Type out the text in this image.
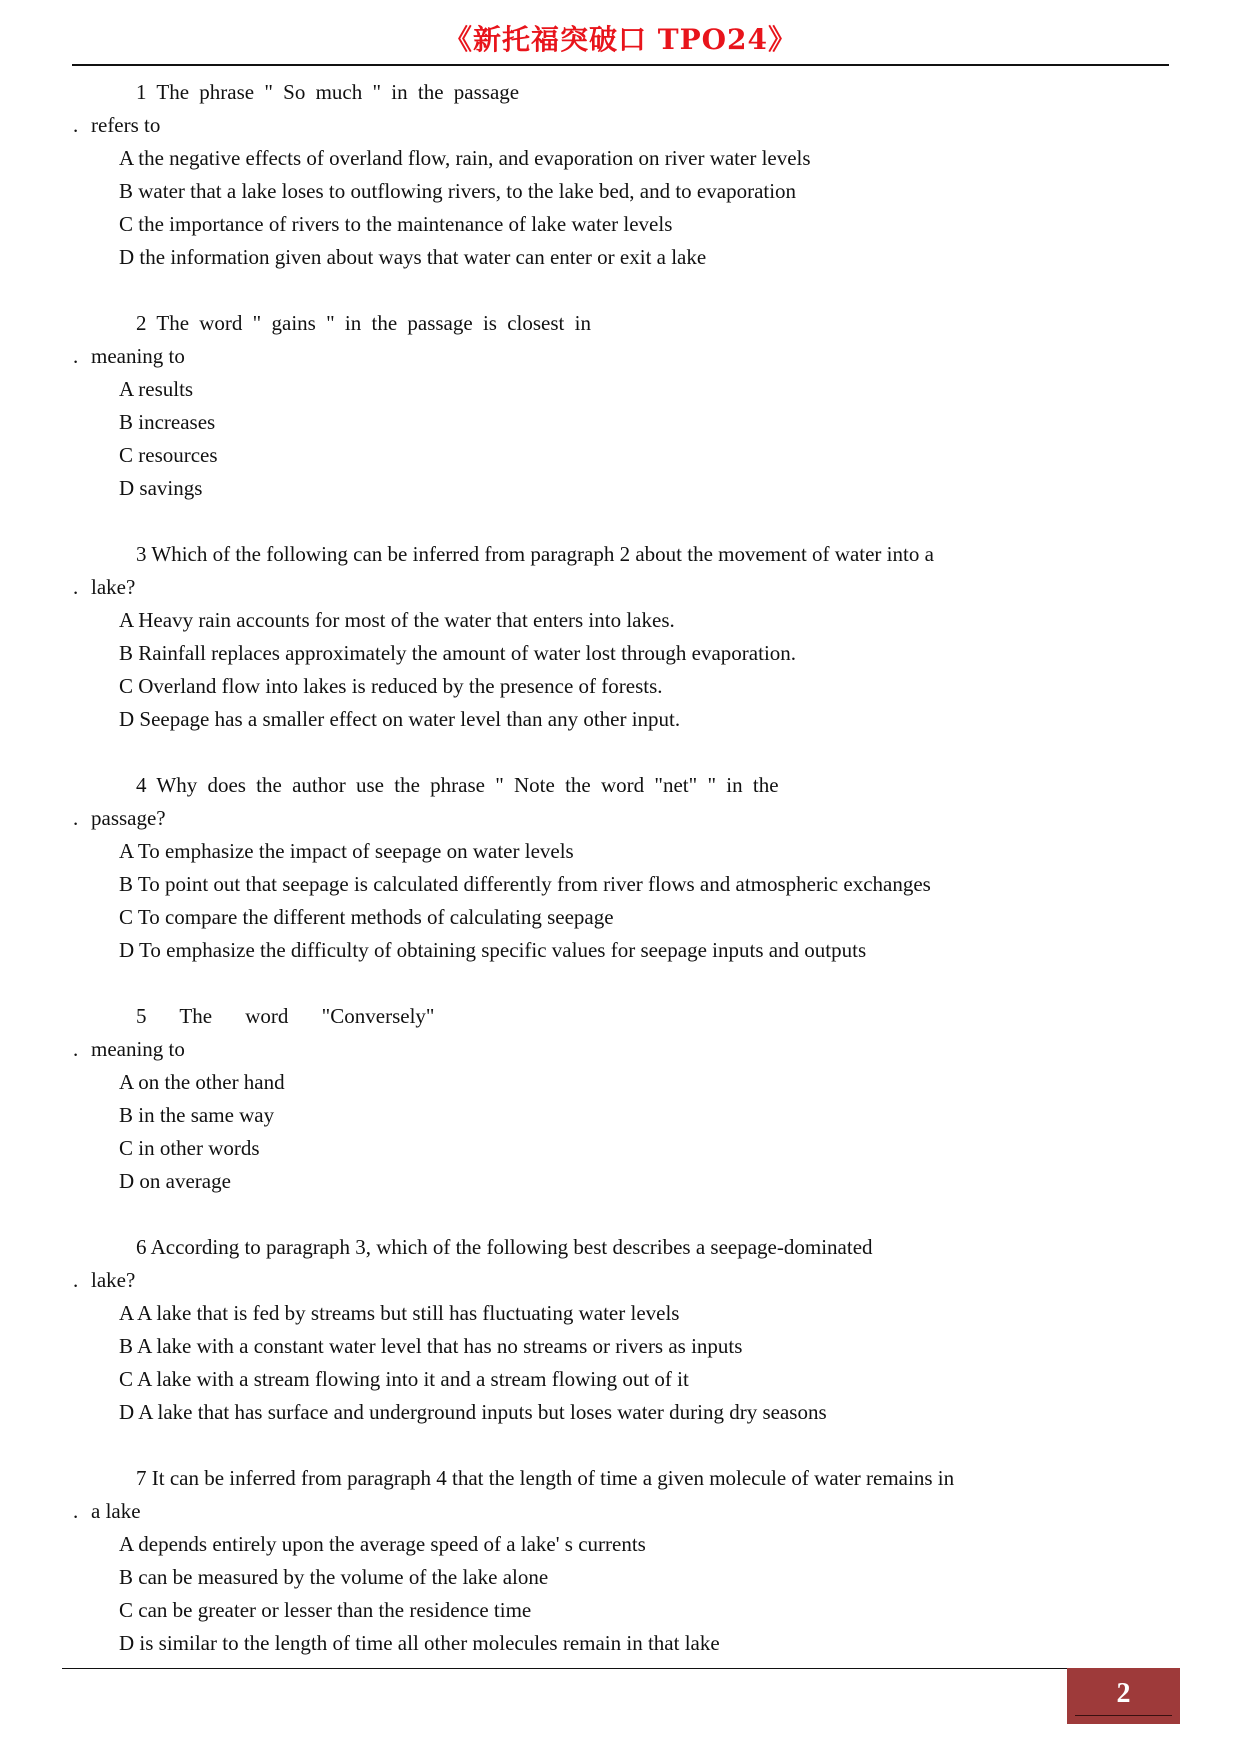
《新托福突破口 TPO24》
1 The phrase " So much " in the passage
. refers to
A the negative effects of overland flow, rain, and evaporation on river water levels
B water that a lake loses to outflowing rivers, to the lake bed, and to evaporation
C the importance of rivers to the maintenance of lake water levels
D the information given about ways that water can enter or exit a lake
2 The word " gains " in the passage is closest in
. meaning to
A results
B increases
C resources
D savings
3 Which of the following can be inferred from paragraph 2 about the movement of water into a
. lake?
A Heavy rain accounts for most of the water that enters into lakes.
B Rainfall replaces approximately the amount of water lost through evaporation.
C Overland flow into lakes is reduced by the presence of forests.
D Seepage has a smaller effect on water level than any other input.
4 Why does the author use the phrase " Note the word "net" " in the
. passage?
A To emphasize the impact of seepage on water levels
B To point out that seepage is calculated differently from river flows and atmospheric exchanges
C To compare the different methods of calculating seepage
D To emphasize the difficulty of obtaining specific values for seepage inputs and outputs
5 The word "Conversely"
. meaning to
A on the other hand
B in the same way
C in other words
D on average
6 According to paragraph 3, which of the following best describes a seepage-dominated
. lake?
A A lake that is fed by streams but still has fluctuating water levels
B A lake with a constant water level that has no streams or rivers as inputs
C A lake with a stream flowing into it and a stream flowing out of it
D A lake that has surface and underground inputs but loses water during dry seasons
7 It can be inferred from paragraph 4 that the length of time a given molecule of water remains in
. a lake
A depends entirely upon the average speed of a lake' s currents
B can be measured by the volume of the lake alone
C can be greater or lesser than the residence time
D is similar to the length of time all other molecules remain in that lake
2
